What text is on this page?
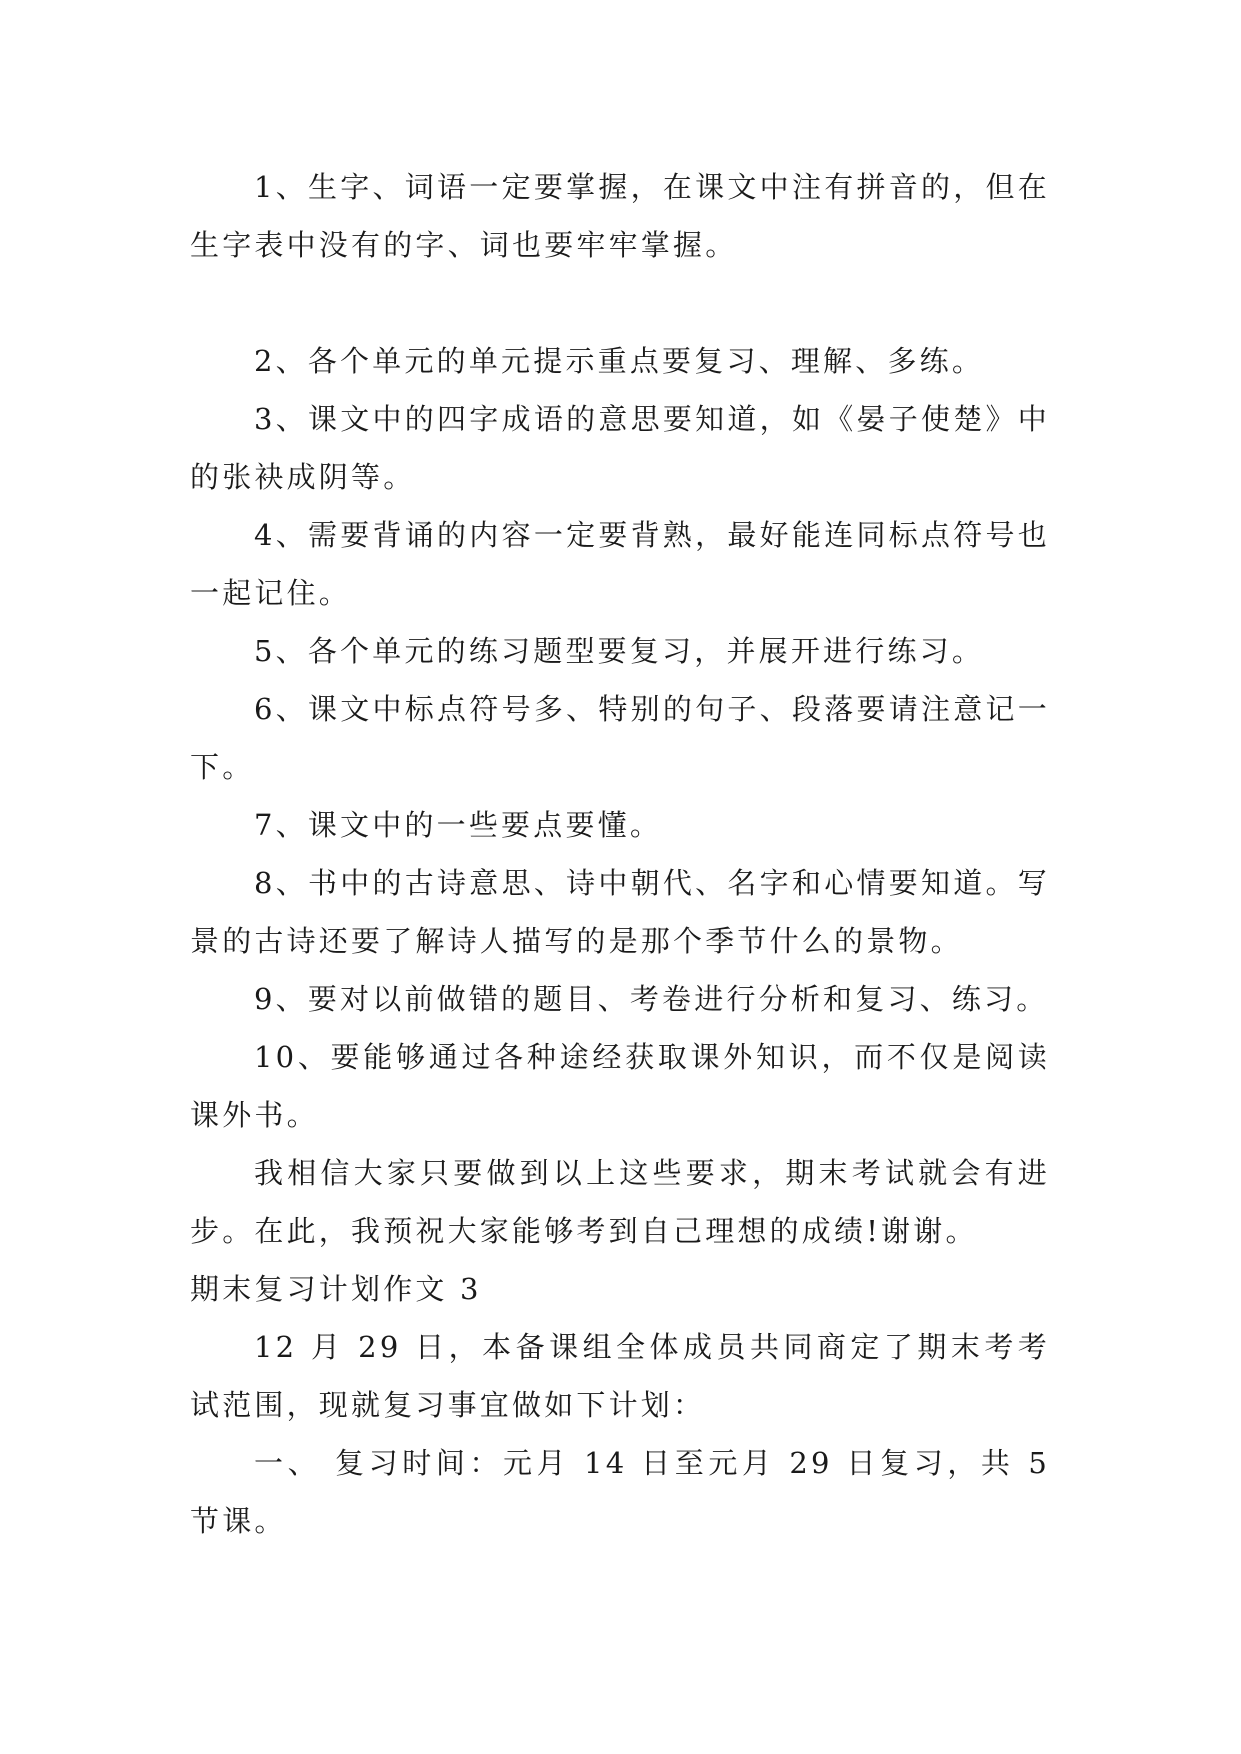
1、生字、词语一定要掌握，在课文中注有拼音的，但在生字表中没有的字、词也要牢牢掌握。

2、各个单元的单元提示重点要复习、理解、多练。

3、课文中的四字成语的意思要知道，如《晏子使楚》中的张袂成阴等。

4、需要背诵的内容一定要背熟，最好能连同标点符号也一起记住。

5、各个单元的练习题型要复习，并展开进行练习。

6、课文中标点符号多、特别的句子、段落要请注意记一下。

7、课文中的一些要点要懂。

8、书中的古诗意思、诗中朝代、名字和心情要知道。写景的古诗还要了解诗人描写的是那个季节什么的景物。

9、要对以前做错的题目、考卷进行分析和复习、练习。

10、要能够通过各种途经获取课外知识，而不仅是阅读课外书。

我相信大家只要做到以上这些要求，期末考试就会有进步。在此，我预祝大家能够考到自己理想的成绩!谢谢。

期末复习计划作文 3

12 月 29 日，本备课组全体成员共同商定了期末考考试范围，现就复习事宜做如下计划：

一、 复习时间：元月 14 日至元月 29 日复习，共 5 节课。
